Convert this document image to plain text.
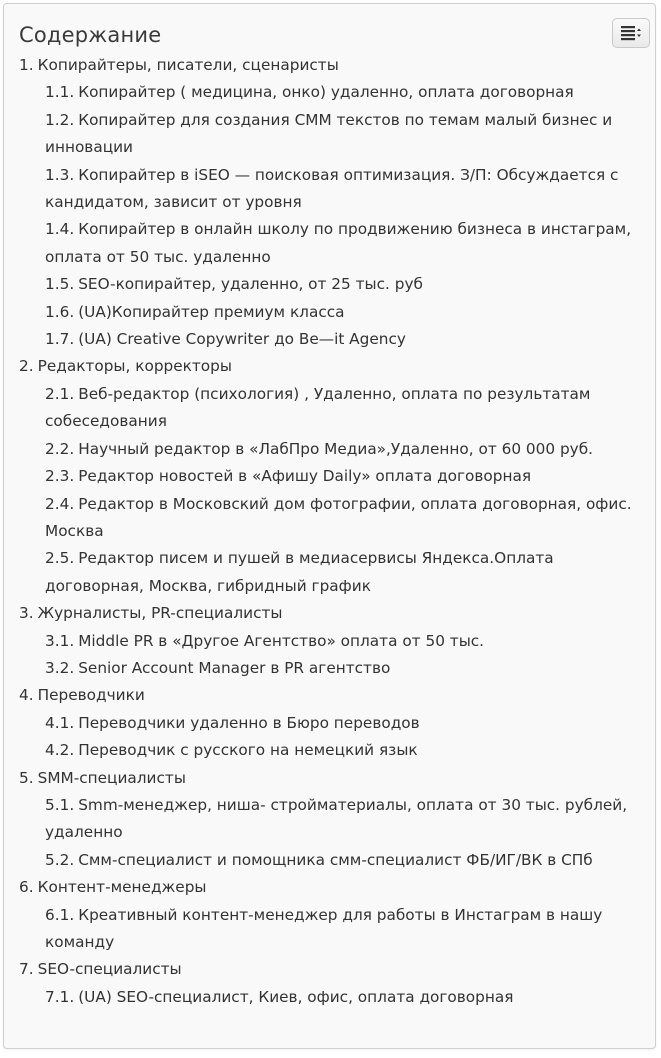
Содержание
1. Копирайтеры, писатели, сценаристы
1.1. Копирайтер ( медицина, онко) удаленно, оплата договорная
1.2. Копирайтер для создания СММ текстов по темам малый бизнес и инновации
1.3. Копирайтер в iSEO — поисковая оптимизация. З/П: Обсуждается с кандидатом, зависит от уровня
1.4. Копирайтер в онлайн школу по продвижению бизнеса в инстаграм, оплата от 50 тыс. удаленно
1.5. SEO-копирайтер, удаленно, от 25 тыс. руб
1.6. (UA)Копирайтер премиум класса
1.7. (UA) Creative Copywriter до Be—it Agency
2. Редакторы, корректоры
2.1. Веб-редактор (психология) , Удаленно, оплата по результатам собеседования
2.2. Научный редактор в «ЛабПро Медиа»,Удаленно, от 60 000 руб.
2.3. Редактор новостей в «Афишу Daily» оплата договорная
2.4. Редактор в Московский дом фотографии, оплата договорная, офис. Москва
2.5. Редактор писем и пушей в медиасервисы Яндекса.Оплата договорная, Москва, гибридный график
3. Журналисты, PR-специалисты
3.1. Middle PR в «Другое Агентство» оплата от 50 тыс.
3.2. Senior Account Manager в PR агентство
4. Переводчики
4.1. Переводчики удаленно в Бюро переводов
4.2. Переводчик с русского на немецкий язык
5. SMM-специалисты
5.1. Smm-менеджер, ниша- стройматериалы, оплата от 30 тыс. рублей, удаленно
5.2. Смм-специалист и помощника смм-специалист ФБ/ИГ/ВК в СПб
6. Контент-менеджеры
6.1. Креативный контент-менеджер для работы в Инстаграм в нашу команду
7. SEO-специалисты
7.1. (UA) SEO-специалист, Киев, офис, оплата договорная
